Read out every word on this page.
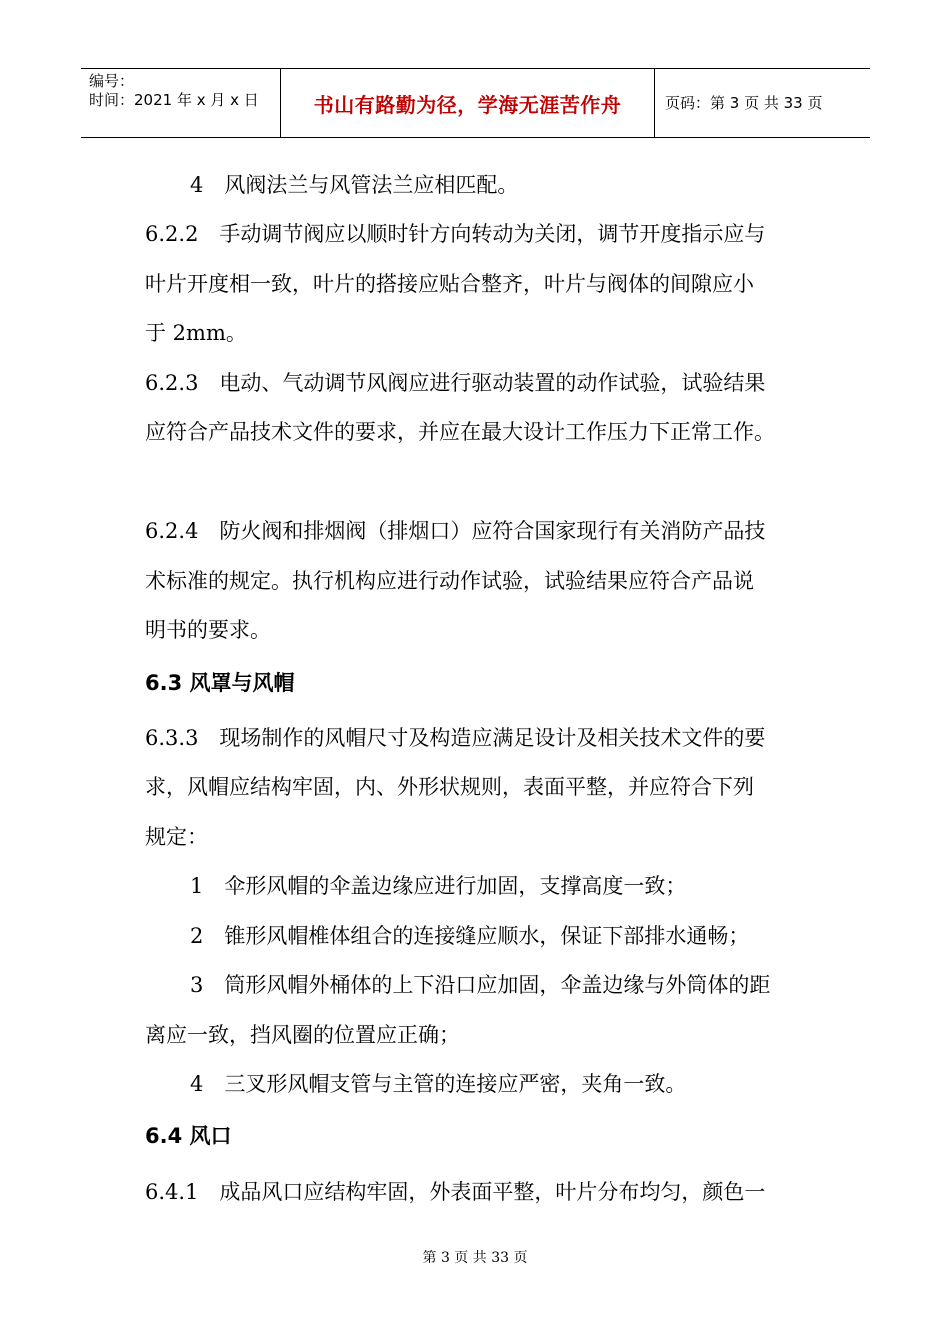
编号：
时间：2021 年 x 月 x 日	书山有路勤为径，学海无涯苦作舟	页码：第 3 页 共 33 页
4　风阀法兰与风管法兰应相匹配。
6.2.2　手动调节阀应以顺时针方向转动为关闭，调节开度指示应与
叶片开度相一致，叶片的搭接应贴合整齐，叶片与阀体的间隙应小
于 2mm。
6.2.3　电动、气动调节风阀应进行驱动装置的动作试验，试验结果
应符合产品技术文件的要求，并应在最大设计工作压力下正常工作。
6.2.4　防火阀和排烟阀（排烟口）应符合国家现行有关消防产品技
术标准的规定。执行机构应进行动作试验，试验结果应符合产品说
明书的要求。
6.3 风罩与风帽
6.3.3　现场制作的风帽尺寸及构造应满足设计及相关技术文件的要
求，风帽应结构牢固，内、外形状规则，表面平整，并应符合下列
规定：
1　伞形风帽的伞盖边缘应进行加固，支撑高度一致；
2　锥形风帽椎体组合的连接缝应顺水，保证下部排水通畅；
3　筒形风帽外桶体的上下沿口应加固，伞盖边缘与外筒体的距
离应一致，挡风圈的位置应正确；
4　三叉形风帽支管与主管的连接应严密，夹角一致。
6.4 风口
6.4.1　成品风口应结构牢固，外表面平整，叶片分布均匀，颜色一
第 3 页 共 33 页
